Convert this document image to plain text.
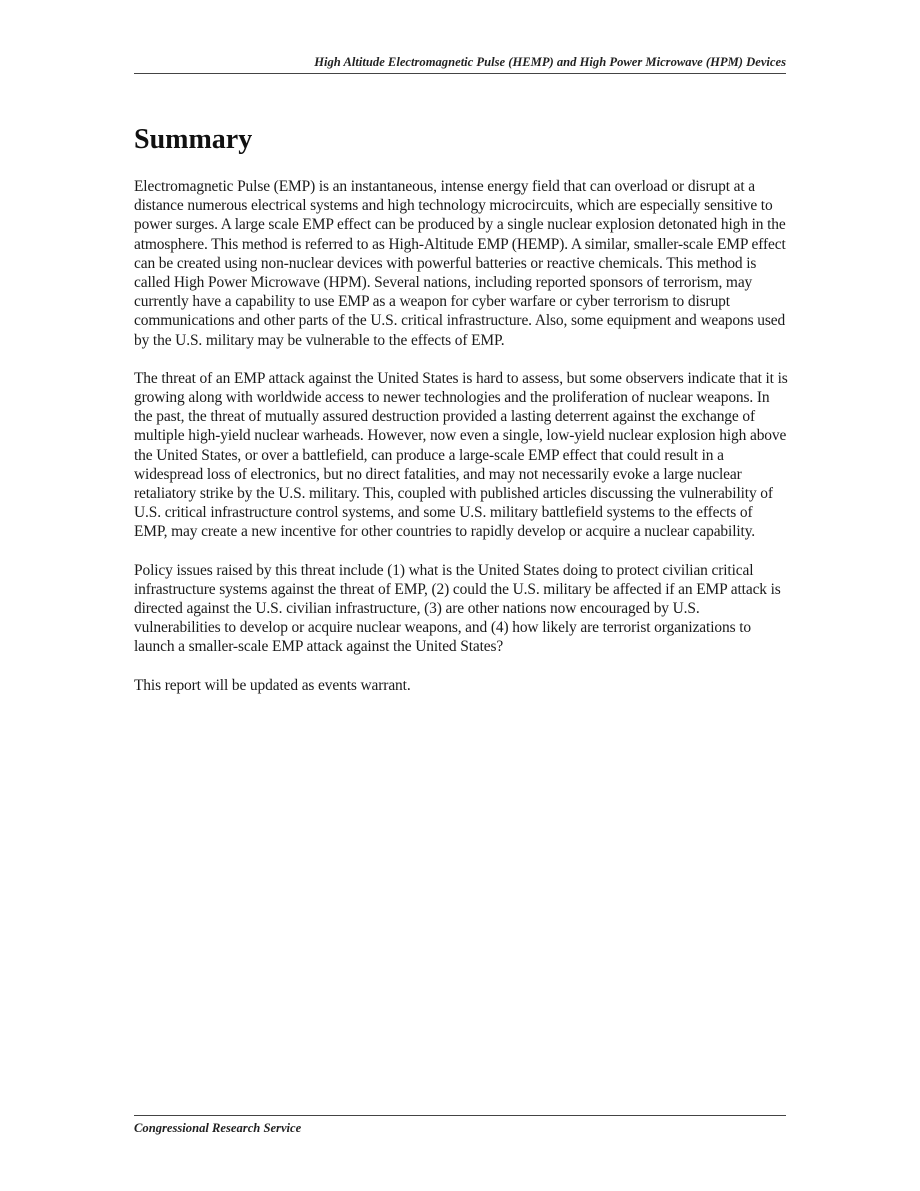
High Altitude Electromagnetic Pulse (HEMP) and High Power Microwave (HPM) Devices
Summary

Electromagnetic Pulse (EMP) is an instantaneous, intense energy field that can overload or disrupt at a distance numerous electrical systems and high technology microcircuits, which are especially sensitive to power surges. A large scale EMP effect can be produced by a single nuclear explosion detonated high in the atmosphere. This method is referred to as High-Altitude EMP (HEMP). A similar, smaller-scale EMP effect can be created using non-nuclear devices with powerful batteries or reactive chemicals. This method is called High Power Microwave (HPM). Several nations, including reported sponsors of terrorism, may currently have a capability to use EMP as a weapon for cyber warfare or cyber terrorism to disrupt communications and other parts of the U.S. critical infrastructure. Also, some equipment and weapons used by the U.S. military may be vulnerable to the effects of EMP.

The threat of an EMP attack against the United States is hard to assess, but some observers indicate that it is growing along with worldwide access to newer technologies and the proliferation of nuclear weapons. In the past, the threat of mutually assured destruction provided a lasting deterrent against the exchange of multiple high-yield nuclear warheads. However, now even a single, low-yield nuclear explosion high above the United States, or over a battlefield, can produce a large-scale EMP effect that could result in a widespread loss of electronics, but no direct fatalities, and may not necessarily evoke a large nuclear retaliatory strike by the U.S. military. This, coupled with published articles discussing the vulnerability of U.S. critical infrastructure control systems, and some U.S. military battlefield systems to the effects of EMP, may create a new incentive for other countries to rapidly develop or acquire a nuclear capability.

Policy issues raised by this threat include (1) what is the United States doing to protect civilian critical infrastructure systems against the threat of EMP, (2) could the U.S. military be affected if an EMP attack is directed against the U.S. civilian infrastructure, (3) are other nations now encouraged by U.S. vulnerabilities to develop or acquire nuclear weapons, and (4) how likely are terrorist organizations to launch a smaller-scale EMP attack against the United States?

This report will be updated as events warrant.

Congressional Research Service
